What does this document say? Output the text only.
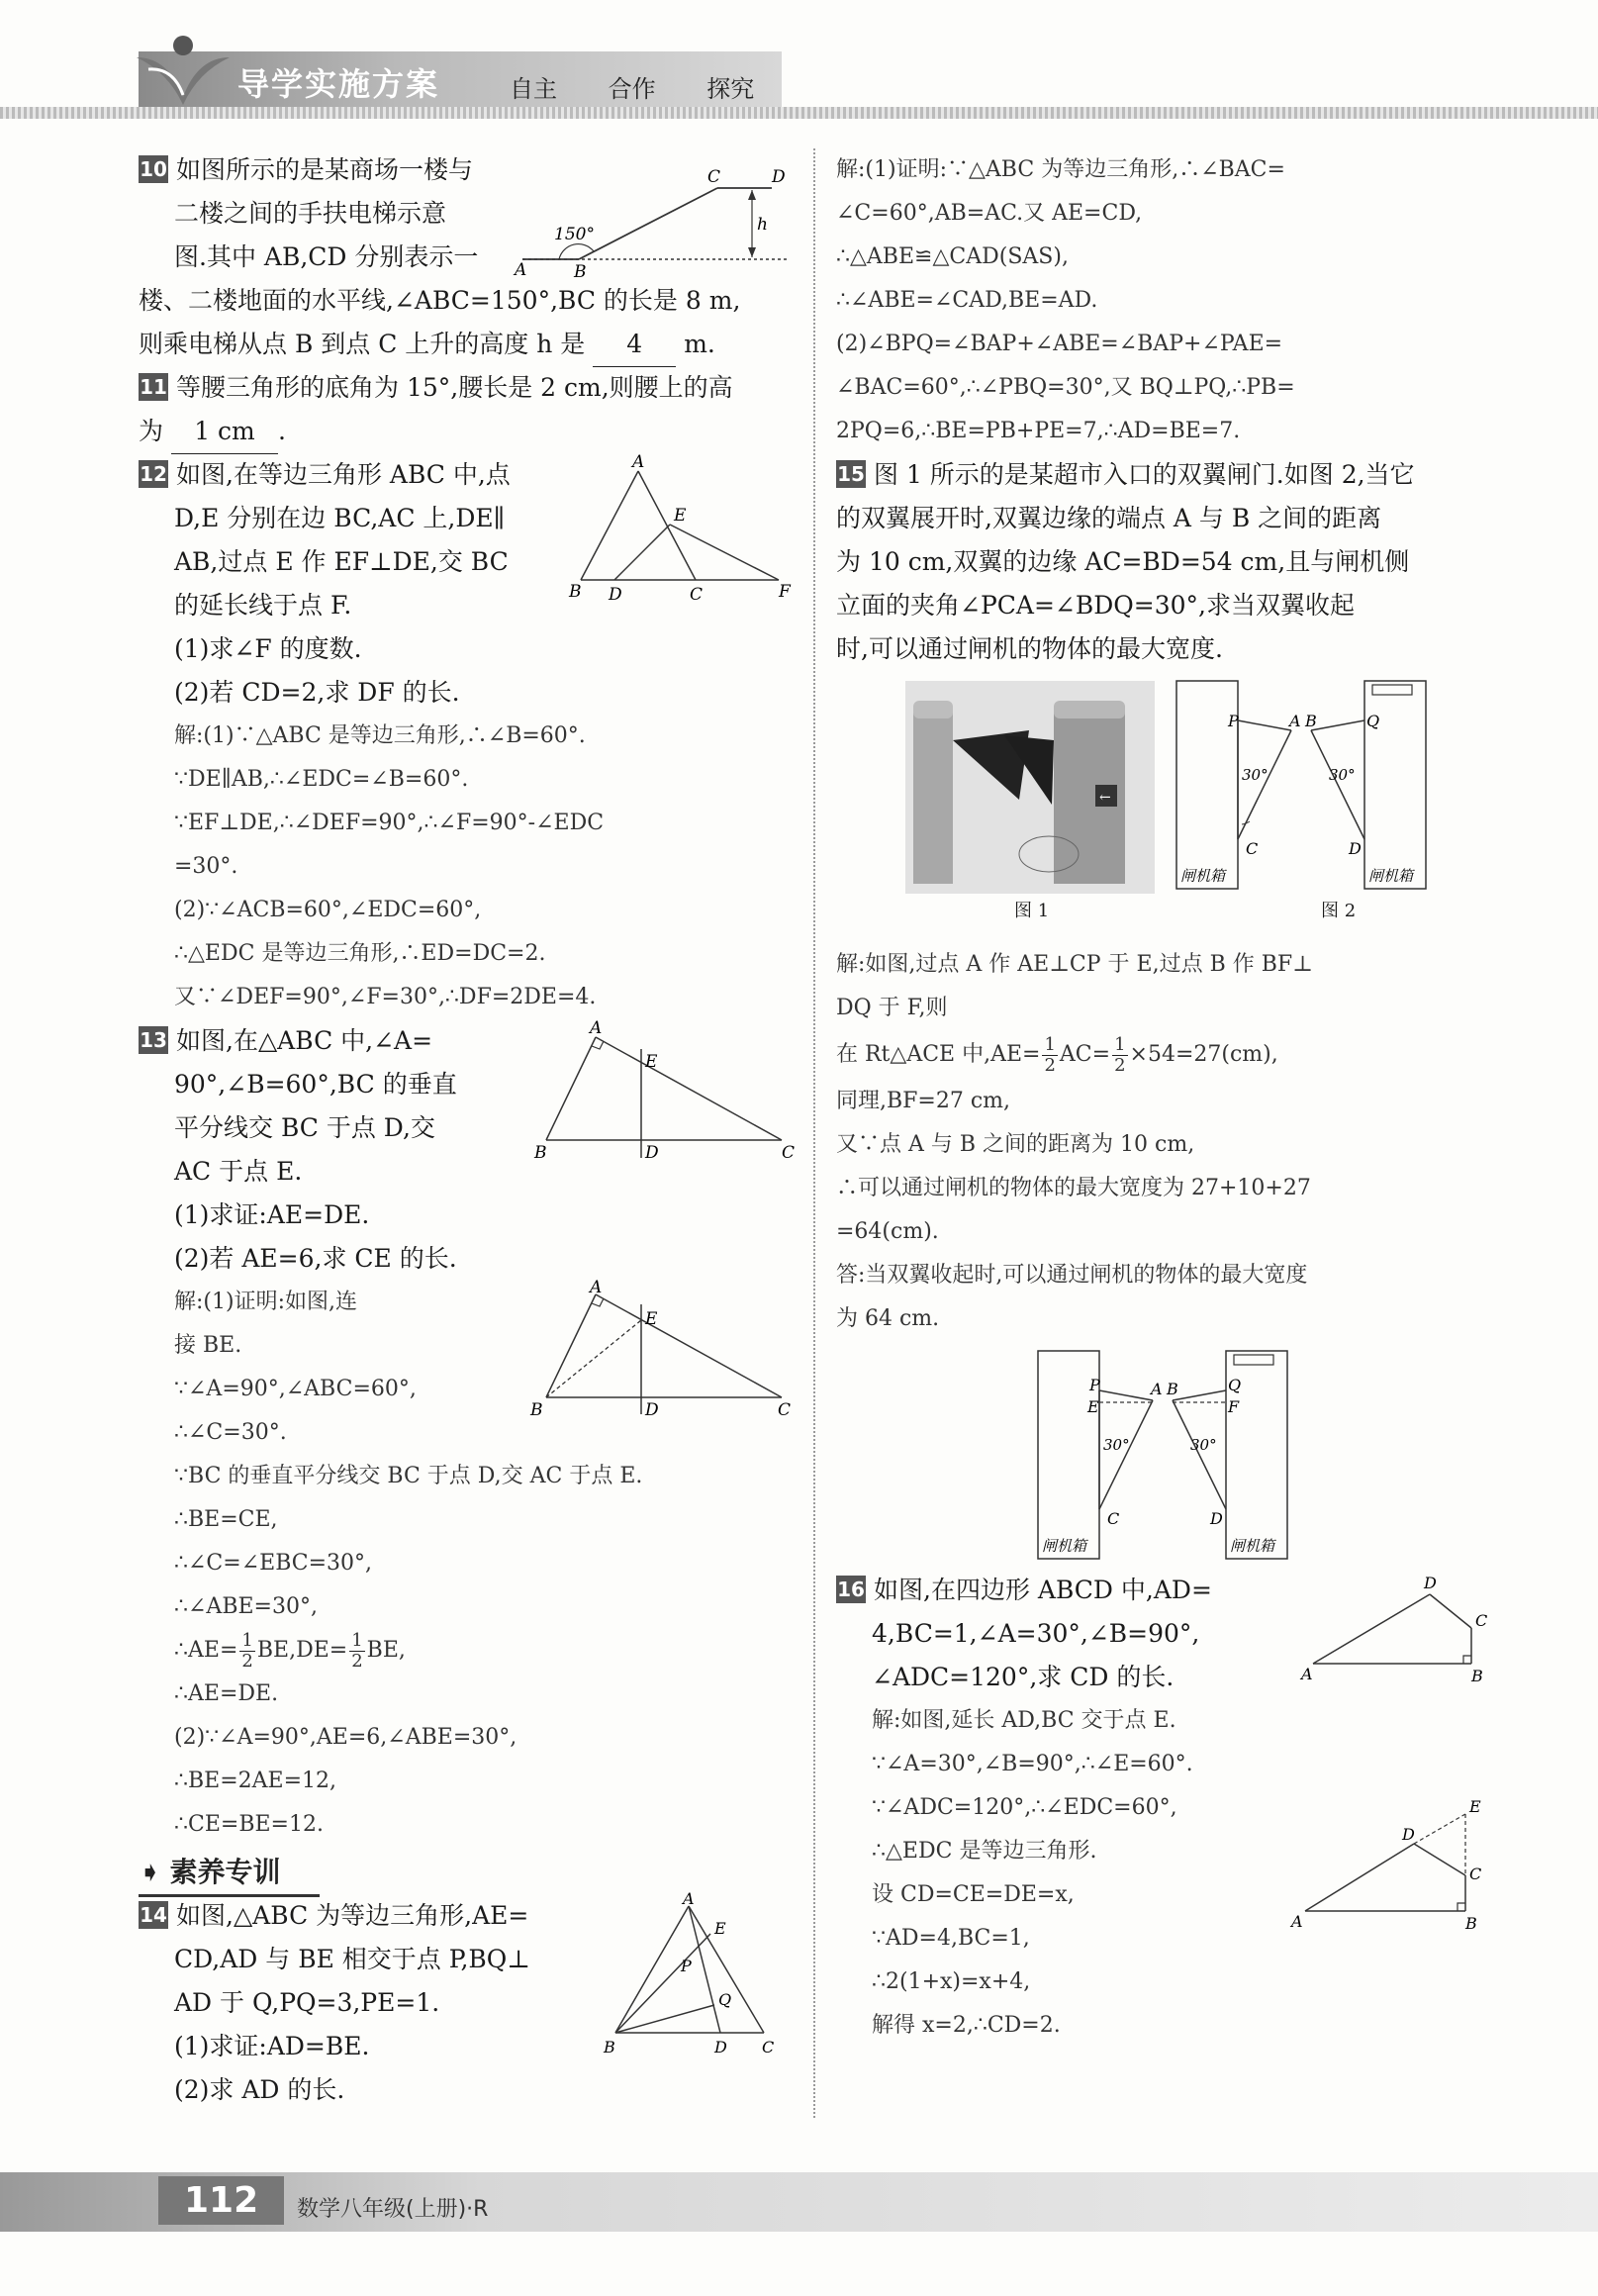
导学实施方案	自主 合作 探究
10 如图所示的是某商场一楼与
二楼之间的手扶电梯示意
图.其中 AB,CD 分别表示一
楼、二楼地面的水平线,∠ABC=150°,BC 的长是 8 m,
则乘电梯从点 B 到点 C 上升的高度 h 是 4 m.
150°
A	B
C	D
h
11 等腰三角形的底角为 15°,腰长是 2 cm,则腰上的高
为 1 cm .
12 如图,在等边三角形 ABC 中,点
D,E 分别在边 BC,AC 上,DE∥
AB,过点 E 作 EF⊥DE,交 BC
的延长线于点 F.
(1)求∠F 的度数.
(2)若 CD=2,求 DF 的长.
解:(1)∵△ABC 是等边三角形,∴∠B=60°.
∵DE∥AB,∴∠EDC=∠B=60°.
∵EF⊥DE,∴∠DEF=90°,∴∠F=90°-∠EDC
=30°.
(2)∵∠ACB=60°,∠EDC=60°,
∴△EDC 是等边三角形,∴ED=DC=2.
又∵∠DEF=90°,∠F=30°,∴DF=2DE=4.
A
B D	C
E
F
13 如图,在△ABC 中,∠A=
90°,∠B=60°,BC 的垂直
平分线交 BC 于点 D,交
AC 于点 E.
(1)求证:AE=DE.
(2)若 AE=6,求 CE 的长.
解:(1)证明:如图,连
接 BE.
∵∠A=90°,∠ABC=60°,
∴∠C=30°.
∵BC 的垂直平分线交 BC 于点 D,交 AC 于点 E.
∴BE=CE,
∴∠C=∠EBC=30°,
∴∠ABE=30°,
∴AE= $\frac{1}{2} BE,DE= \frac{1}{2}$ BE,
∴AE=DE.
(2)∵∠A=90°,AE=6,∠ABE=30°,
∴BE=2AE=12,
∴CE=BE=12.
A
B	D	C
E
A
B	D	C
E
➧ 素养专训
14 如图,△ABC 为等边三角形,AE=
CD,AD 与 BE 相交于点 P,BQ⊥
AD 于 Q,PQ=3,PE=1.
(1)求证:AD=BE.
(2)求 AD 的长.
A
B	D C
E
P
Q
解:(1)证明:∵△ABC 为等边三角形,∴∠BAC=
∠C=60°,AB=AC.又 AE=CD,
∴△ABE≌△CAD(SAS),
∴∠ABE=∠CAD,BE=AD.
(2)∠BPQ=∠BAP+∠ABE=∠BAP+∠PAE=
∠BAC=60°,∴∠PBQ=30°,又 BQ⊥PQ,∴PB=
2PQ=6,∴BE=PB+PE=7,∴AD=BE=7.
15 图 1 所示的是某超市入口的双翼闸门.如图 2,当它
的双翼展开时,双翼边缘的端点 A 与 B 之间的距离
为 10 cm,双翼的边缘 AC=BD=54 cm,且与闸机侧
立面的夹角∠PCA=∠BDQ=30°,求当双翼收起
时,可以通过闸机的物体的最大宽度.
←
图 1
P	A B	Q
C	D
30°	30°
闸机箱	闸机箱
图 2
解:如图,过点 A 作 AE⊥CP 于 E,过点 B 作 BF⊥
DQ 于 F,则
在 Rt△ACE 中$,AE= \frac{1}{2} AC= \frac{1}{2} \times 54=27(cm)$,
同理,BF=27 cm,
又∵点 A 与 B 之间的距离为 10 cm,
∴可以通过闸机的物体的最大宽度为 27+10+27
=64(cm).
答:当双翼收起时,可以通过闸机的物体的最大宽度
为 64 cm.
P
E
A B	Q
F
C	D
30°	30°
闸机箱	闸机箱
16 如图,在四边形 ABCD 中,AD=
4,BC=1,∠A=30°,∠B=90°,
∠ADC=120°,求 CD 的长.
解:如图,延长 AD,BC 交于点 E.
∵∠A=30°,∠B=90°,∴∠E=60°.
∵∠ADC=120°,∴∠EDC=60°,
∴△EDC 是等边三角形.
设 CD=CE=DE=x,
∵AD=4,BC=1,
∴2(1+x)=x+4,
解得 x=2,∴CD=2.
A	B
C
D
A	B
C
D
E
112	数学八年级(上册)·R
